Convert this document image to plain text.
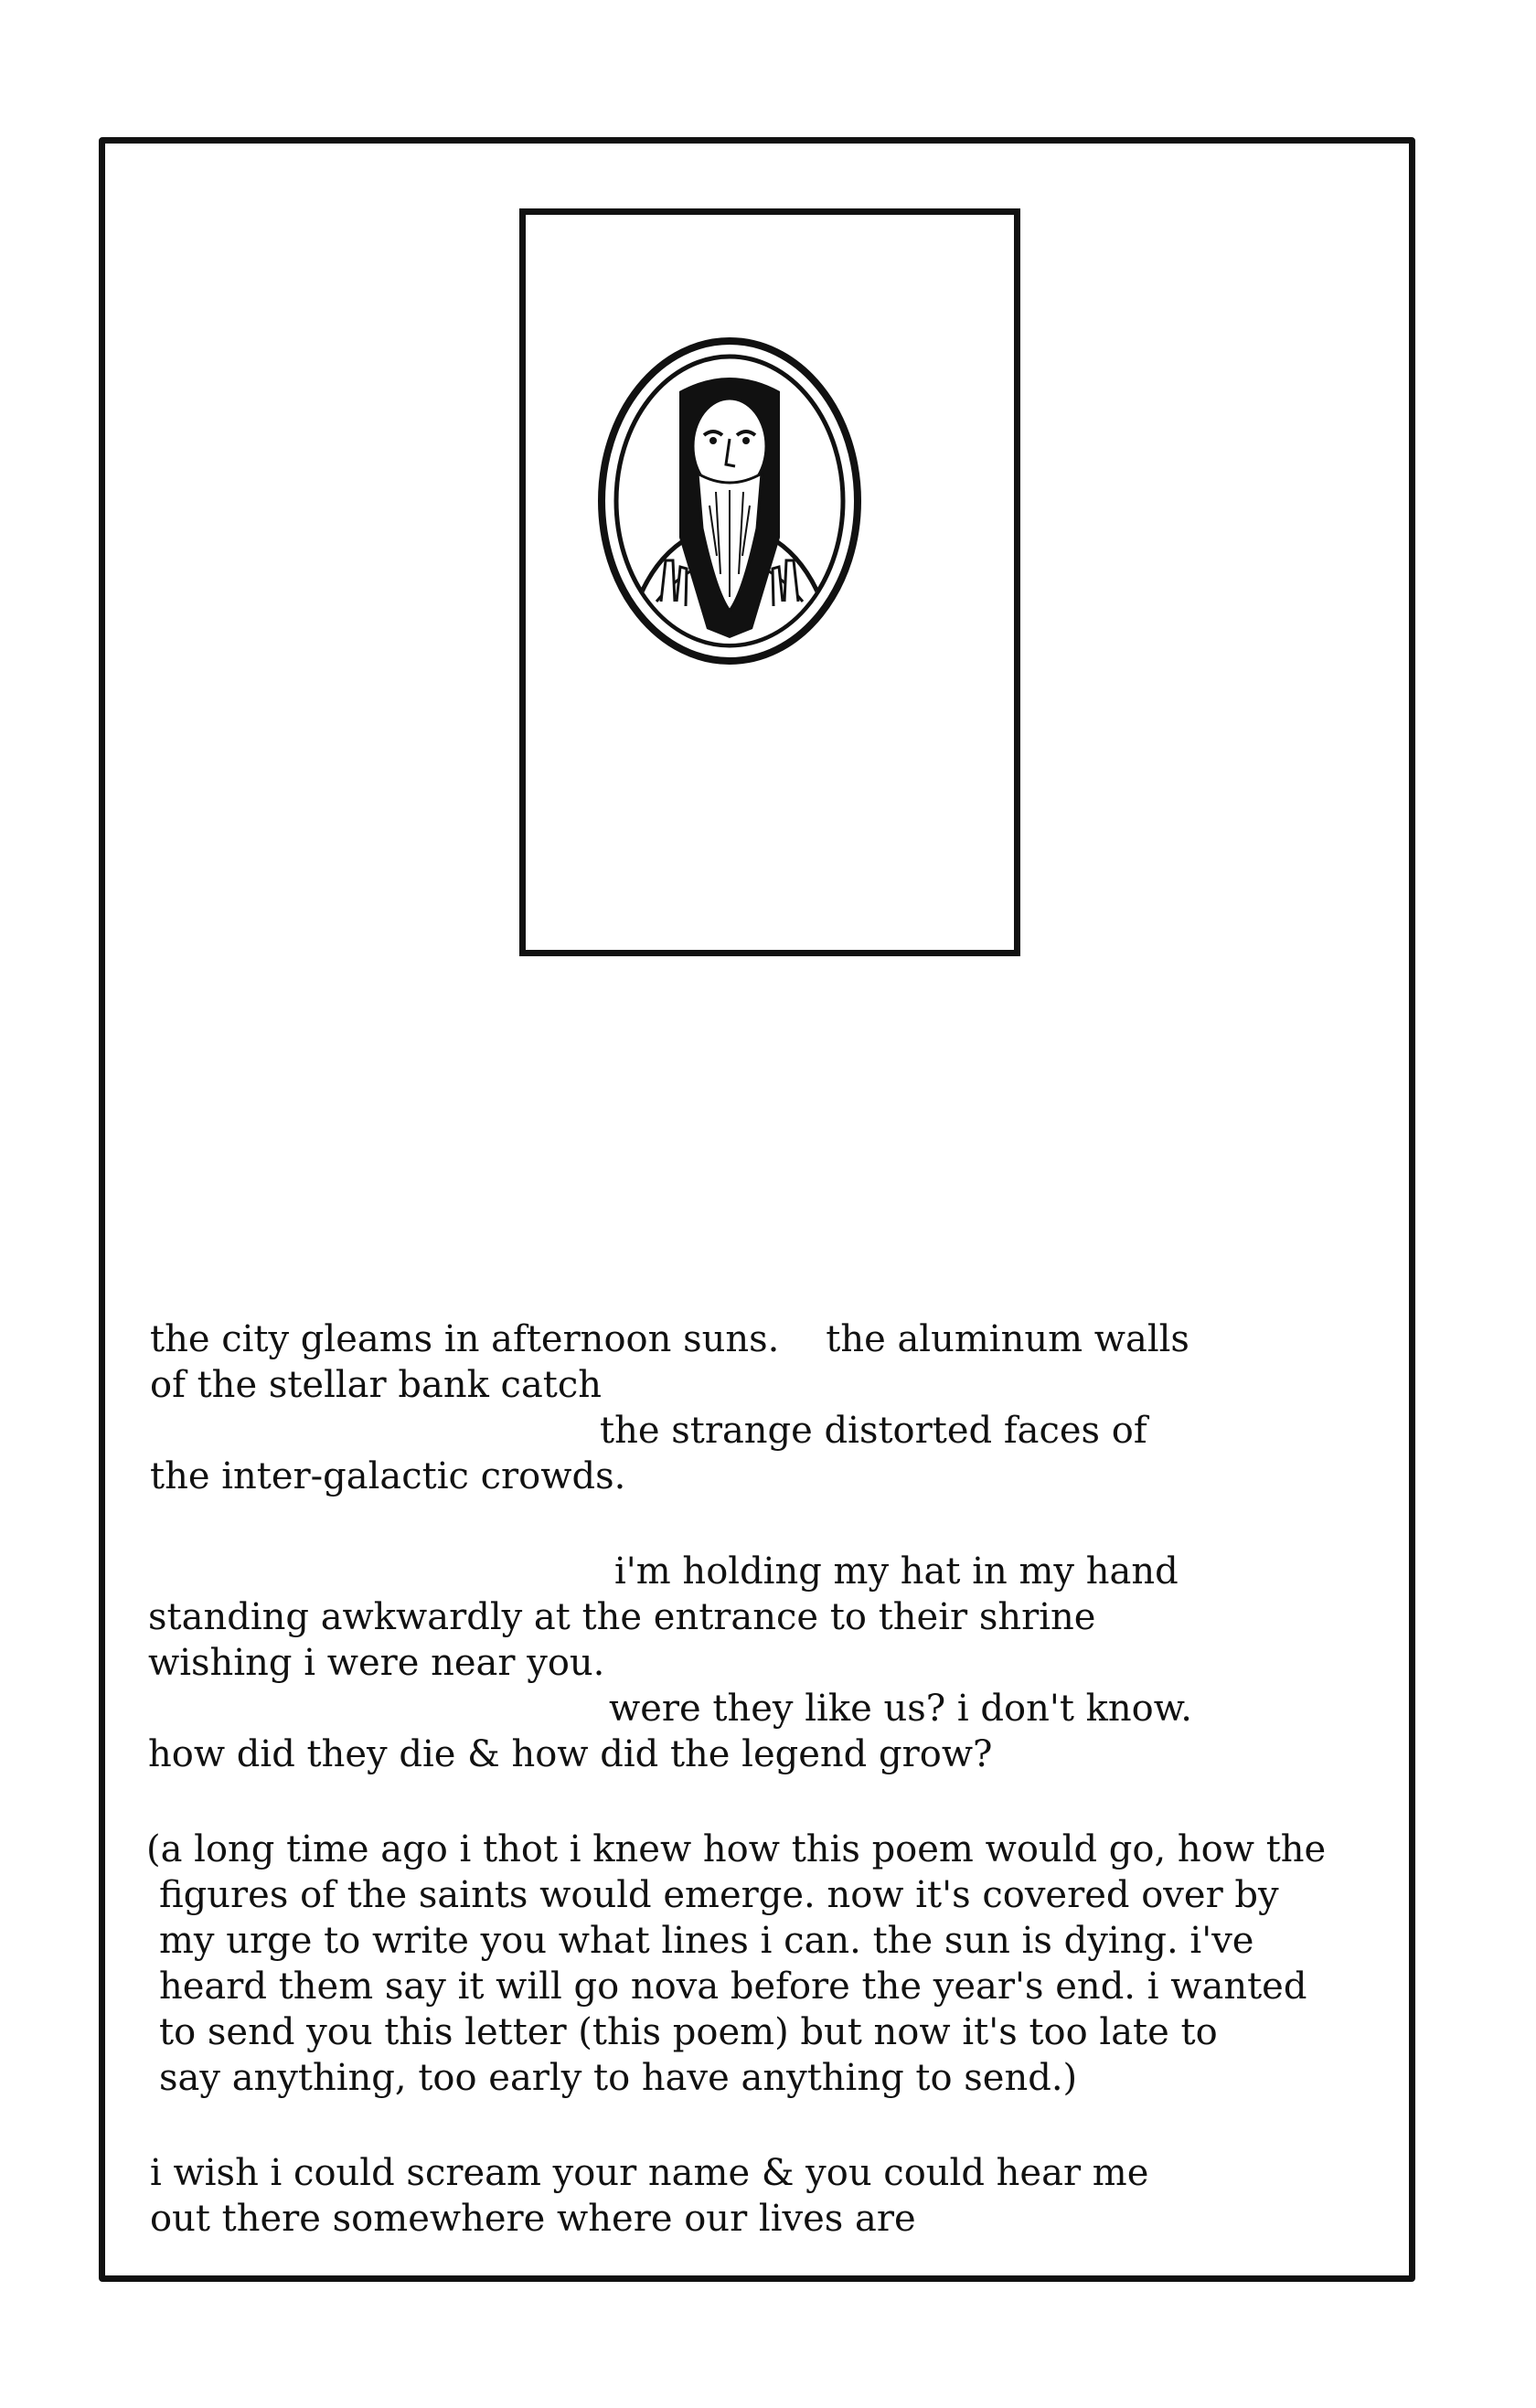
the city gleams in afternoon suns.    the aluminum walls
of the stellar bank catch
the strange distorted faces of
the inter-galactic crowds.
i'm holding my hat in my hand
standing awkwardly at the entrance to their shrine
wishing i were near you.
were they like us? i don't know.
how did they die & how did the legend grow?
(a long time ago i thot i knew how this poem would go, how the
figures of the saints would emerge. now it's covered over by
my urge to write you what lines i can. the sun is dying. i've
heard them say it will go nova before the year's end. i wanted
to send you this letter (this poem) but now it's too late to
say anything, too early to have anything to send.)
i wish i could scream your name & you could hear me
out there somewhere where our lives are
